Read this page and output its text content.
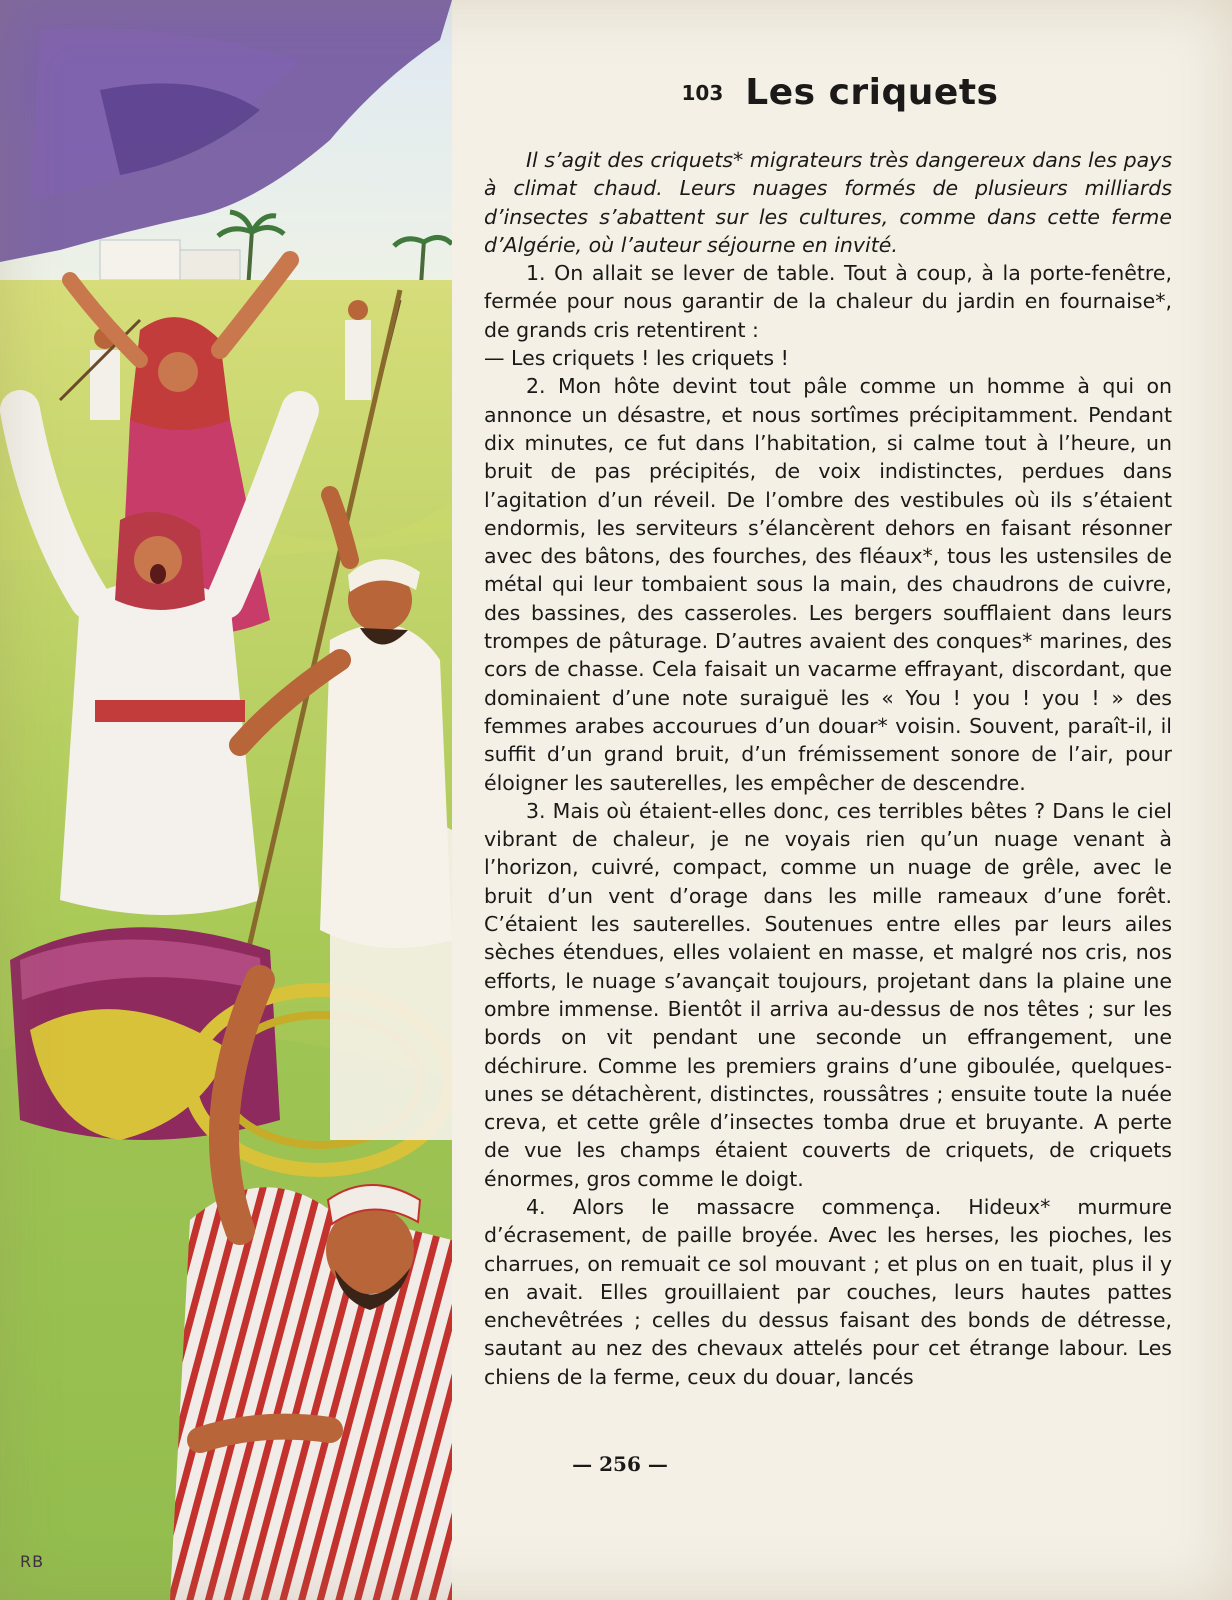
RB
103 Les criquets

Il s’agit des criquets* migrateurs très dangereux dans les pays à climat chaud. Leurs nuages formés de plusieurs milliards d’insectes s’abattent sur les cultures, comme dans cette ferme d’Algérie, où l’auteur séjourne en invité.

1. On allait se lever de table. Tout à coup, à la porte-fenêtre, fermée pour nous garantir de la chaleur du jardin en fournaise*, de grands cris retentirent :

— Les criquets ! les criquets !

2. Mon hôte devint tout pâle comme un homme à qui on annonce un désastre, et nous sortîmes précipitamment. Pendant dix minutes, ce fut dans l’habitation, si calme tout à l’heure, un bruit de pas précipités, de voix indistinctes, perdues dans l’agitation d’un réveil. De l’ombre des vestibules où ils s’étaient endormis, les serviteurs s’élancèrent dehors en faisant résonner avec des bâtons, des fourches, des fléaux*, tous les ustensiles de métal qui leur tombaient sous la main, des chaudrons de cuivre, des bassines, des casseroles. Les bergers soufflaient dans leurs trompes de pâturage. D’autres avaient des conques* marines, des cors de chasse. Cela faisait un vacarme effrayant, discordant, que dominaient d’une note suraiguë les « You ! you ! you ! » des femmes arabes accourues d’un douar* voisin. Souvent, paraît-il, il suffit d’un grand bruit, d’un frémissement sonore de l’air, pour éloigner les sauterelles, les empêcher de descendre.

3. Mais où étaient-elles donc, ces terribles bêtes ? Dans le ciel vibrant de chaleur, je ne voyais rien qu’un nuage venant à l’horizon, cuivré, compact, comme un nuage de grêle, avec le bruit d’un vent d’orage dans les mille rameaux d’une forêt. C’étaient les sauterelles. Soutenues entre elles par leurs ailes sèches étendues, elles volaient en masse, et malgré nos cris, nos efforts, le nuage s’avançait toujours, projetant dans la plaine une ombre immense. Bientôt il arriva au-dessus de nos têtes ; sur les bords on vit pendant une seconde un effrangement, une déchirure. Comme les premiers grains d’une giboulée, quelques-unes se détachèrent, distinctes, roussâtres ; ensuite toute la nuée creva, et cette grêle d’insectes tomba drue et bruyante. A perte de vue les champs étaient couverts de criquets, de criquets énormes, gros comme le doigt.

4. Alors le massacre commença. Hideux* murmure d’écrasement, de paille broyée. Avec les herses, les pioches, les charrues, on remuait ce sol mouvant ; et plus on en tuait, plus il y en avait. Elles grouillaient par couches, leurs hautes pattes enchevêtrées ; celles du dessus faisant des bonds de détresse, sautant au nez des chevaux attelés pour cet étrange labour. Les chiens de la ferme, ceux du douar, lancés

— 256 —
